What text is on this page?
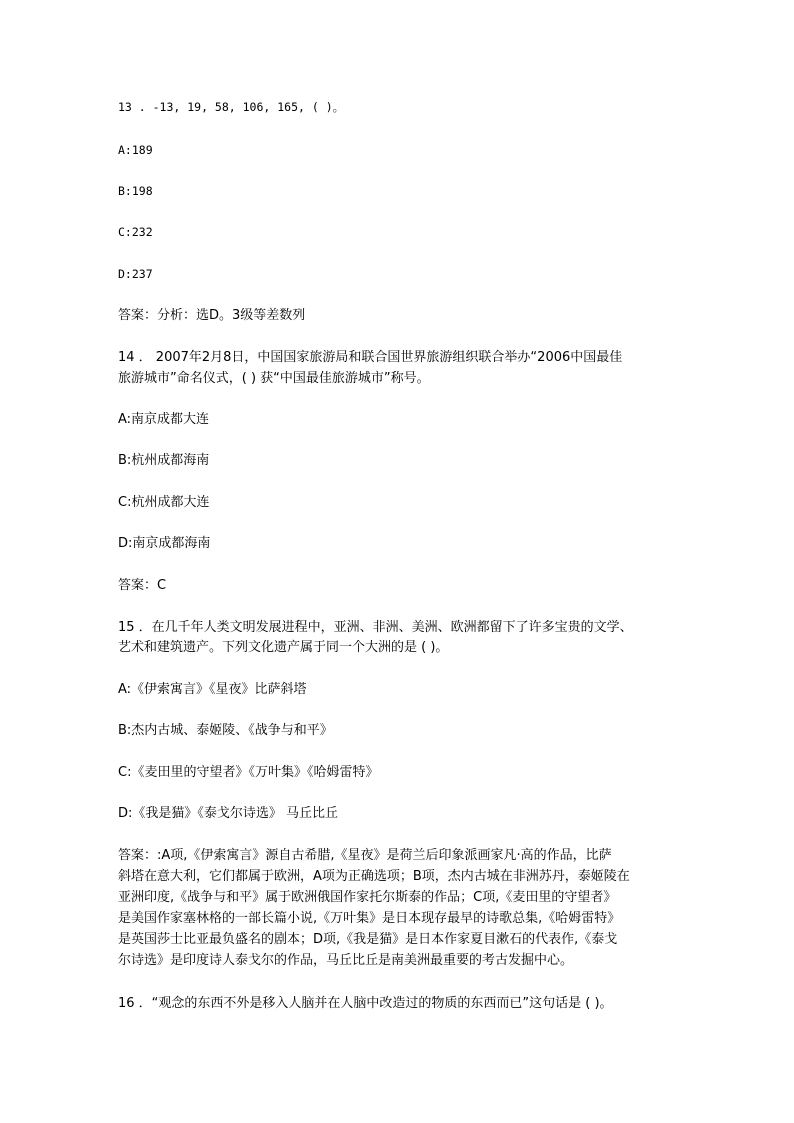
13 . -13, 19, 58, 106, 165, ( )。
A:189
B:198
C:232
D:237
答案：分析：选D。3级等差数列
14 ． 2007年2月8日，中国国家旅游局和联合国世界旅游组织联合举办“2006中国最佳
旅游城市”命名仪式，( ) 获“中国最佳旅游城市”称号。
A:南京成都大连
B:杭州成都海南
C:杭州成都大连
D:南京成都海南
答案：C
15 ．在几千年人类文明发展进程中，亚洲、非洲、美洲、欧洲都留下了许多宝贵的文学、
艺术和建筑遗产。下列文化遗产属于同一个大洲的是 ( )。
A:《伊索寓言》《星夜》比萨斜塔
B:杰内古城、泰姬陵、《战争与和平》
C:《麦田里的守望者》《万叶集》《哈姆雷特》
D:《我是猫》《泰戈尔诗选》 马丘比丘
答案：:A项,《伊索寓言》源自古希腊,《星夜》是荷兰后印象派画家凡·高的作品，比萨
斜塔在意大利，它们都属于欧洲，A项为正确选项；B项，杰内古城在非洲苏丹，泰姬陵在
亚洲印度,《战争与和平》属于欧洲俄国作家托尔斯泰的作品；C项,《麦田里的守望者》
是美国作家塞林格的一部长篇小说,《万叶集》是日本现存最早的诗歌总集,《哈姆雷特》
是英国莎士比亚最负盛名的剧本；D项,《我是猫》是日本作家夏目漱石的代表作,《泰戈
尔诗选》是印度诗人泰戈尔的作品，马丘比丘是南美洲最重要的考古发掘中心。
16 ．“观念的东西不外是移入人脑并在人脑中改造过的物质的东西而已”这句话是 ( )。
